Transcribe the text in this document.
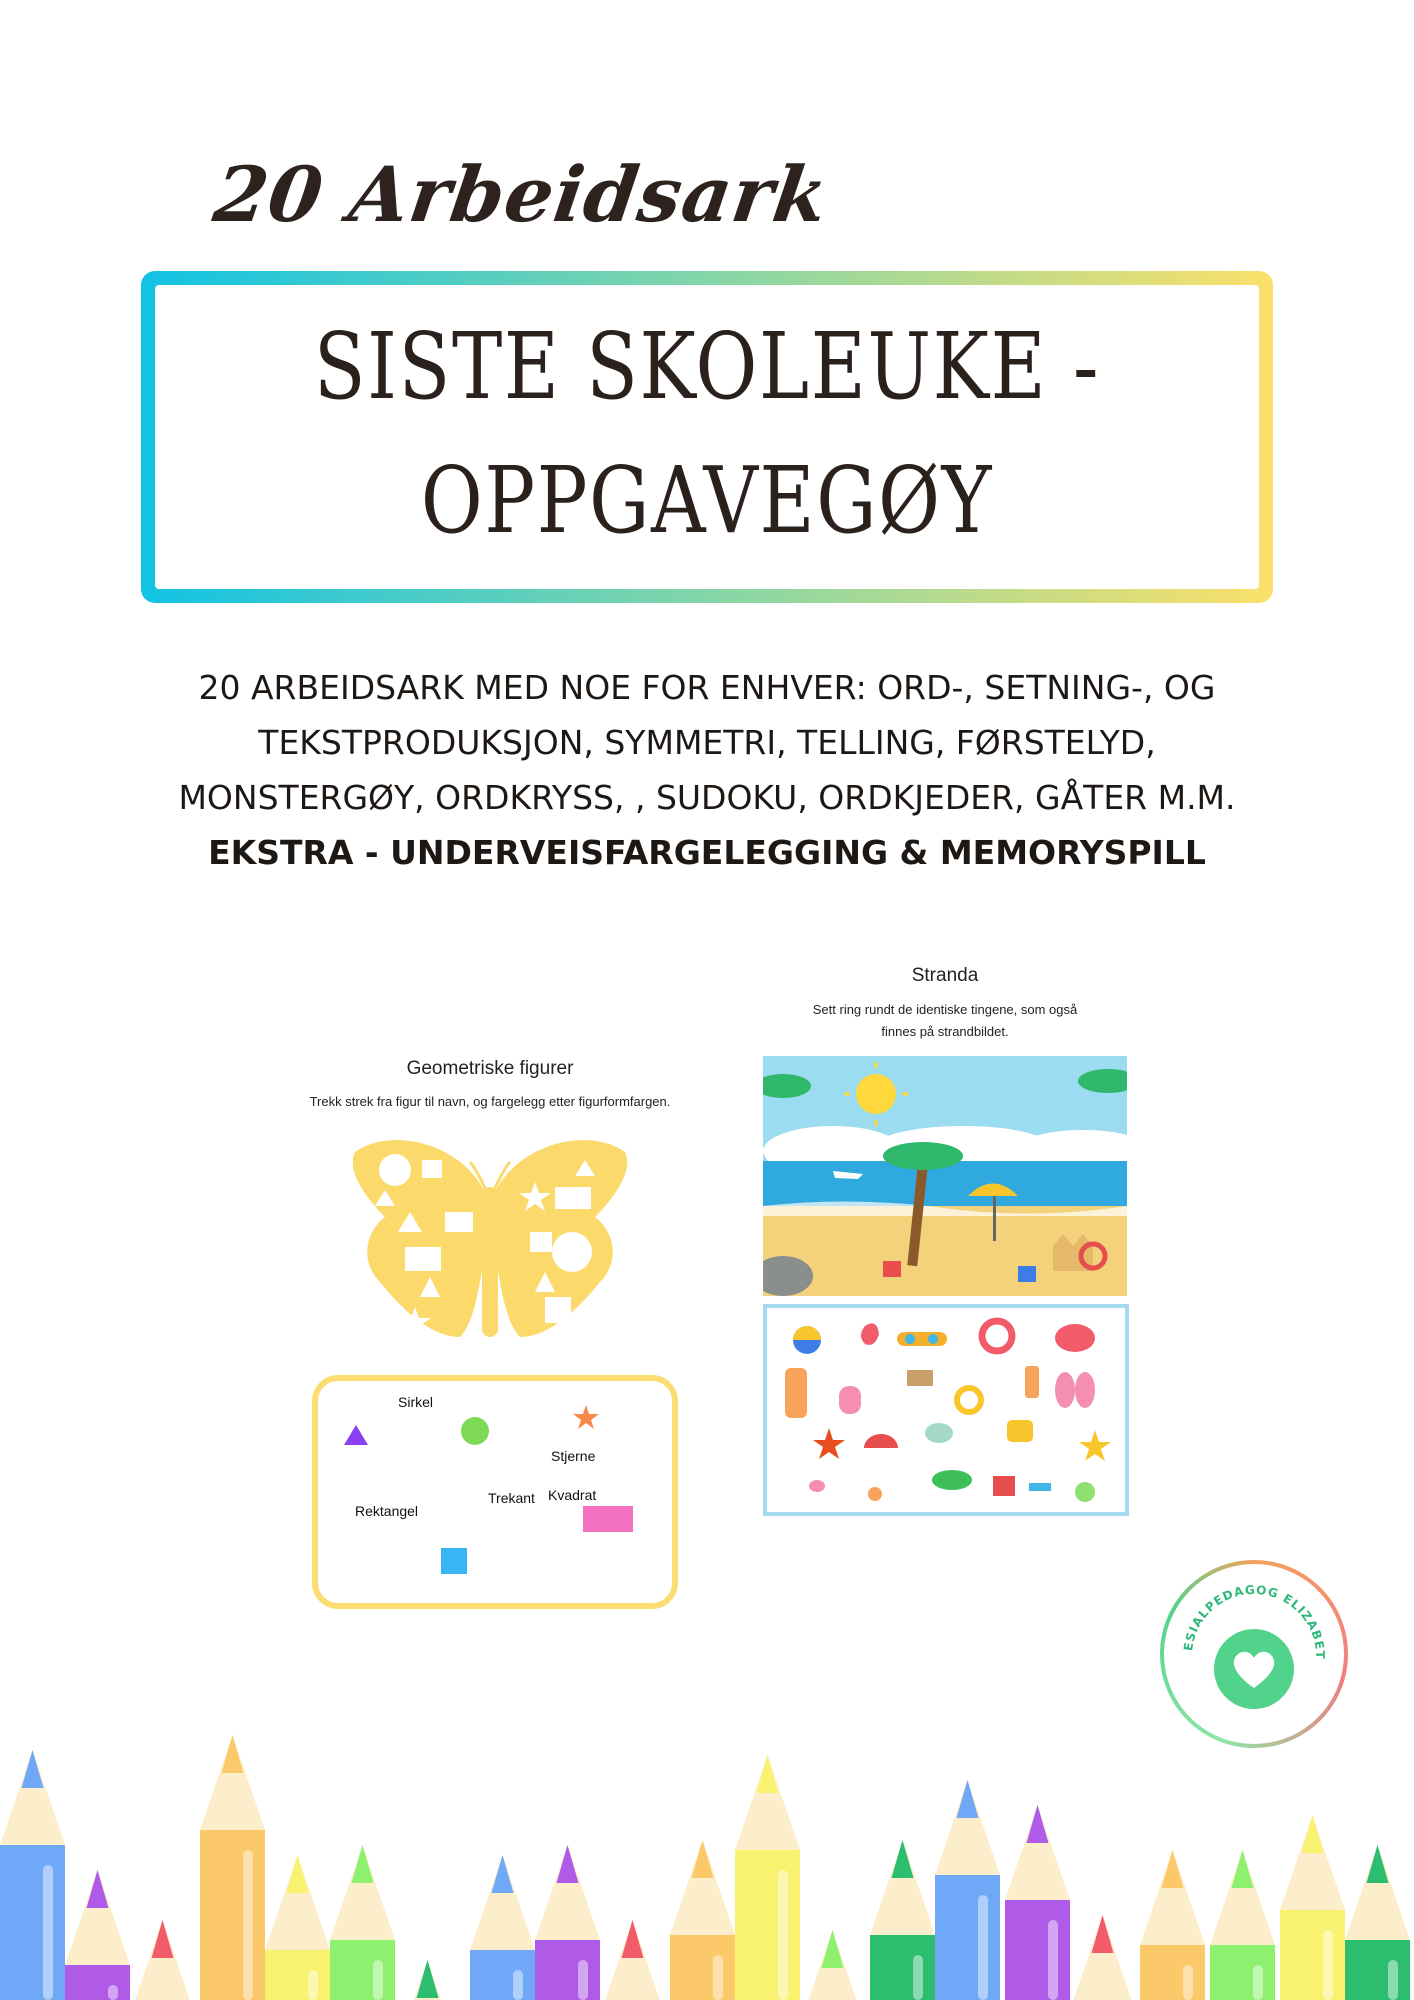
20 Arbeidsark
SISTE SKOLEUKE -
OPPGAVEGØY
20 ARBEIDSARK MED NOE FOR ENHVER: ORD-, SETNING-, OG
TEKSTPRODUKSJON, SYMMETRI, TELLING, FØRSTELYD,
MONSTERGØY, ORDKRYSS, , SUDOKU, ORDKJEDER, GÅTER M.M.
EKSTRA - UNDERVEISFARGELEGGING & MEMORYSPILL
Geometriske figurer
Trekk strek fra figur til navn, og fargelegg etter figurformfargen.
Sirkel
Stjerne
Rektangel
Trekant Kvadrat
Stranda
Sett ring rundt de identiske tingene, som også
finnes på strandbildet.
ESIALPEDAGOG ELIZABET
